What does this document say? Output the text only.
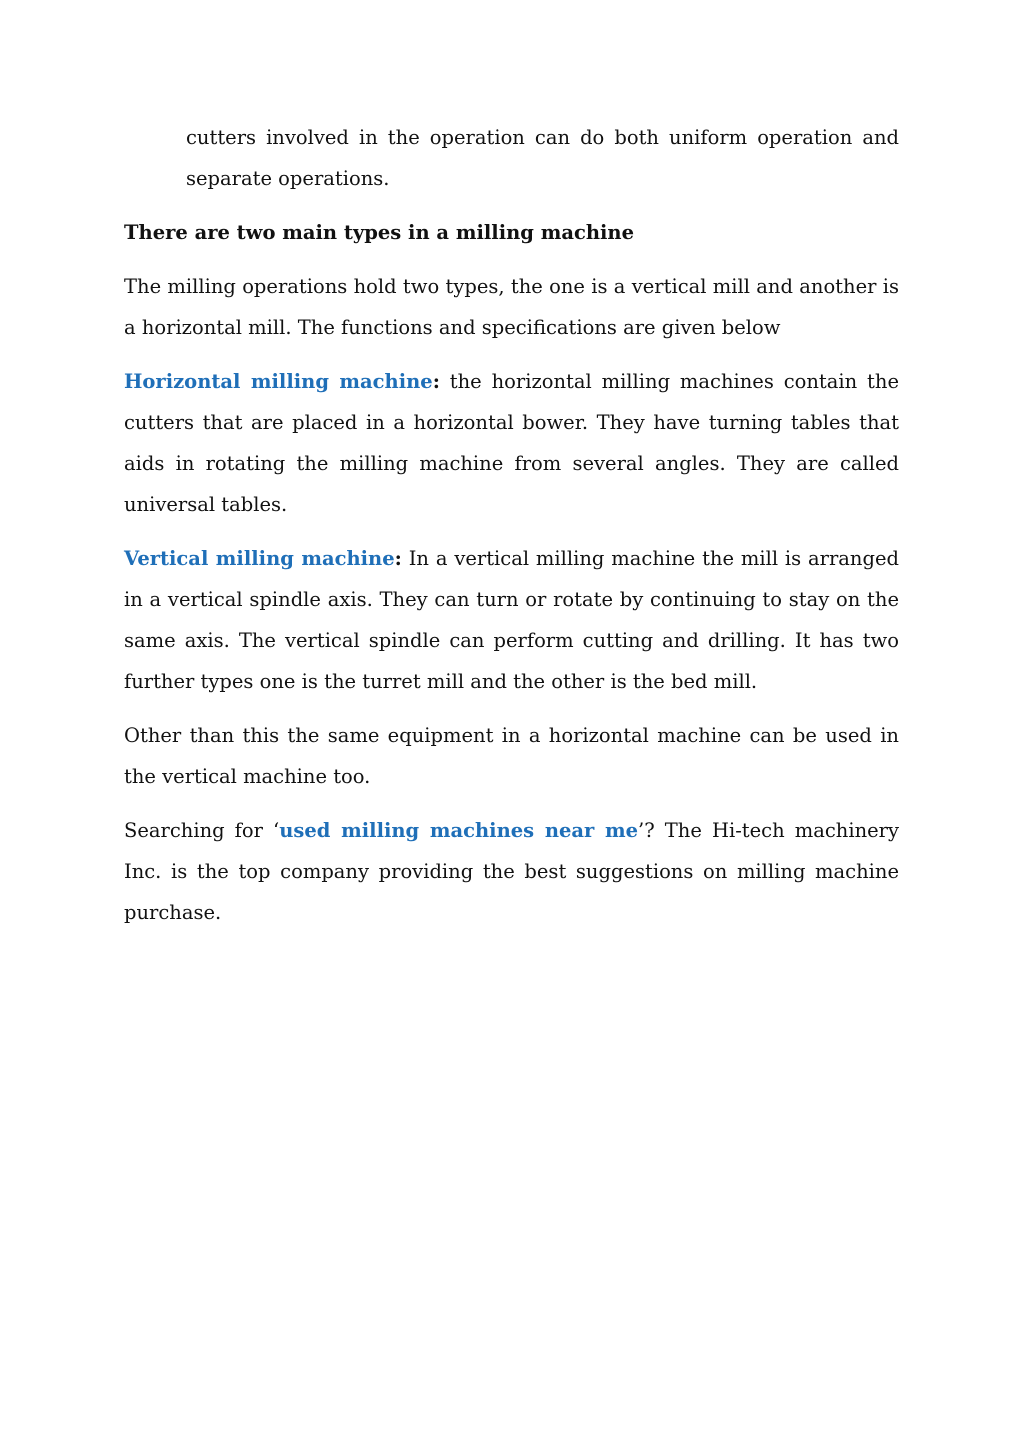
cutters involved in the operation can do both uniform operation and separate operations.

There are two main types in a milling machine

The milling operations hold two types, the one is a vertical mill and another is a horizontal mill. The functions and specifications are given below

Horizontal milling machine: the horizontal milling machines contain the cutters that are placed in a horizontal bower. They have turning tables that aids in rotating the milling machine from several angles. They are called universal tables.

Vertical milling machine: In a vertical milling machine the mill is arranged in a vertical spindle axis. They can turn or rotate by continuing to stay on the same axis. The vertical spindle can perform cutting and drilling. It has two further types one is the turret mill and the other is the bed mill.

Other than this the same equipment in a horizontal machine can be used in the vertical machine too.

Searching for ‘used milling machines near me’? The Hi-tech machinery Inc. is the top company providing the best suggestions on milling machine purchase.
